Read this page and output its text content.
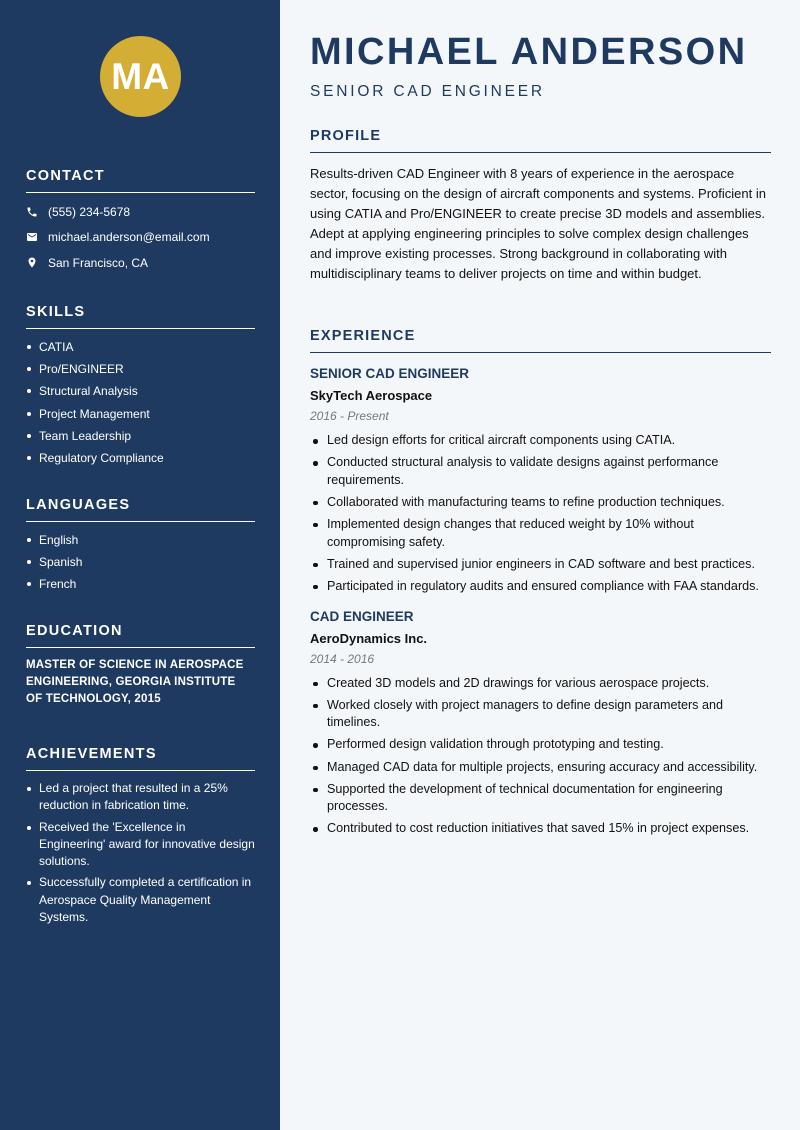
MA
CONTACT
(555) 234-5678
michael.anderson@email.com
San Francisco, CA
SKILLS
CATIA
Pro/ENGINEER
Structural Analysis
Project Management
Team Leadership
Regulatory Compliance
LANGUAGES
English
Spanish
French
EDUCATION

MASTER OF SCIENCE IN AEROSPACE ENGINEERING, GEORGIA INSTITUTE OF TECHNOLOGY, 2015

ACHIEVEMENTS
Led a project that resulted in a 25% reduction in fabrication time.
Received the 'Excellence in Engineering' award for innovative design solutions.
Successfully completed a certification in Aerospace Quality Management Systems.
MICHAEL ANDERSON
SENIOR CAD ENGINEER
PROFILE

Results-driven CAD Engineer with 8 years of experience in the aerospace sector, focusing on the design of aircraft components and systems. Proficient in using CATIA and Pro/ENGINEER to create precise 3D models and assemblies. Adept at applying engineering principles to solve complex design challenges and improve existing processes. Strong background in collaborating with multidisciplinary teams to deliver projects on time and within budget.

EXPERIENCE
SENIOR CAD ENGINEER
SkyTech Aerospace
2016 - Present
Led design efforts for critical aircraft components using CATIA.
Conducted structural analysis to validate designs against performance requirements.
Collaborated with manufacturing teams to refine production techniques.
Implemented design changes that reduced weight by 10% without compromising safety.
Trained and supervised junior engineers in CAD software and best practices.
Participated in regulatory audits and ensured compliance with FAA standards.
CAD ENGINEER
AeroDynamics Inc.
2014 - 2016
Created 3D models and 2D drawings for various aerospace projects.
Worked closely with project managers to define design parameters and timelines.
Performed design validation through prototyping and testing.
Managed CAD data for multiple projects, ensuring accuracy and accessibility.
Supported the development of technical documentation for engineering processes.
Contributed to cost reduction initiatives that saved 15% in project expenses.
